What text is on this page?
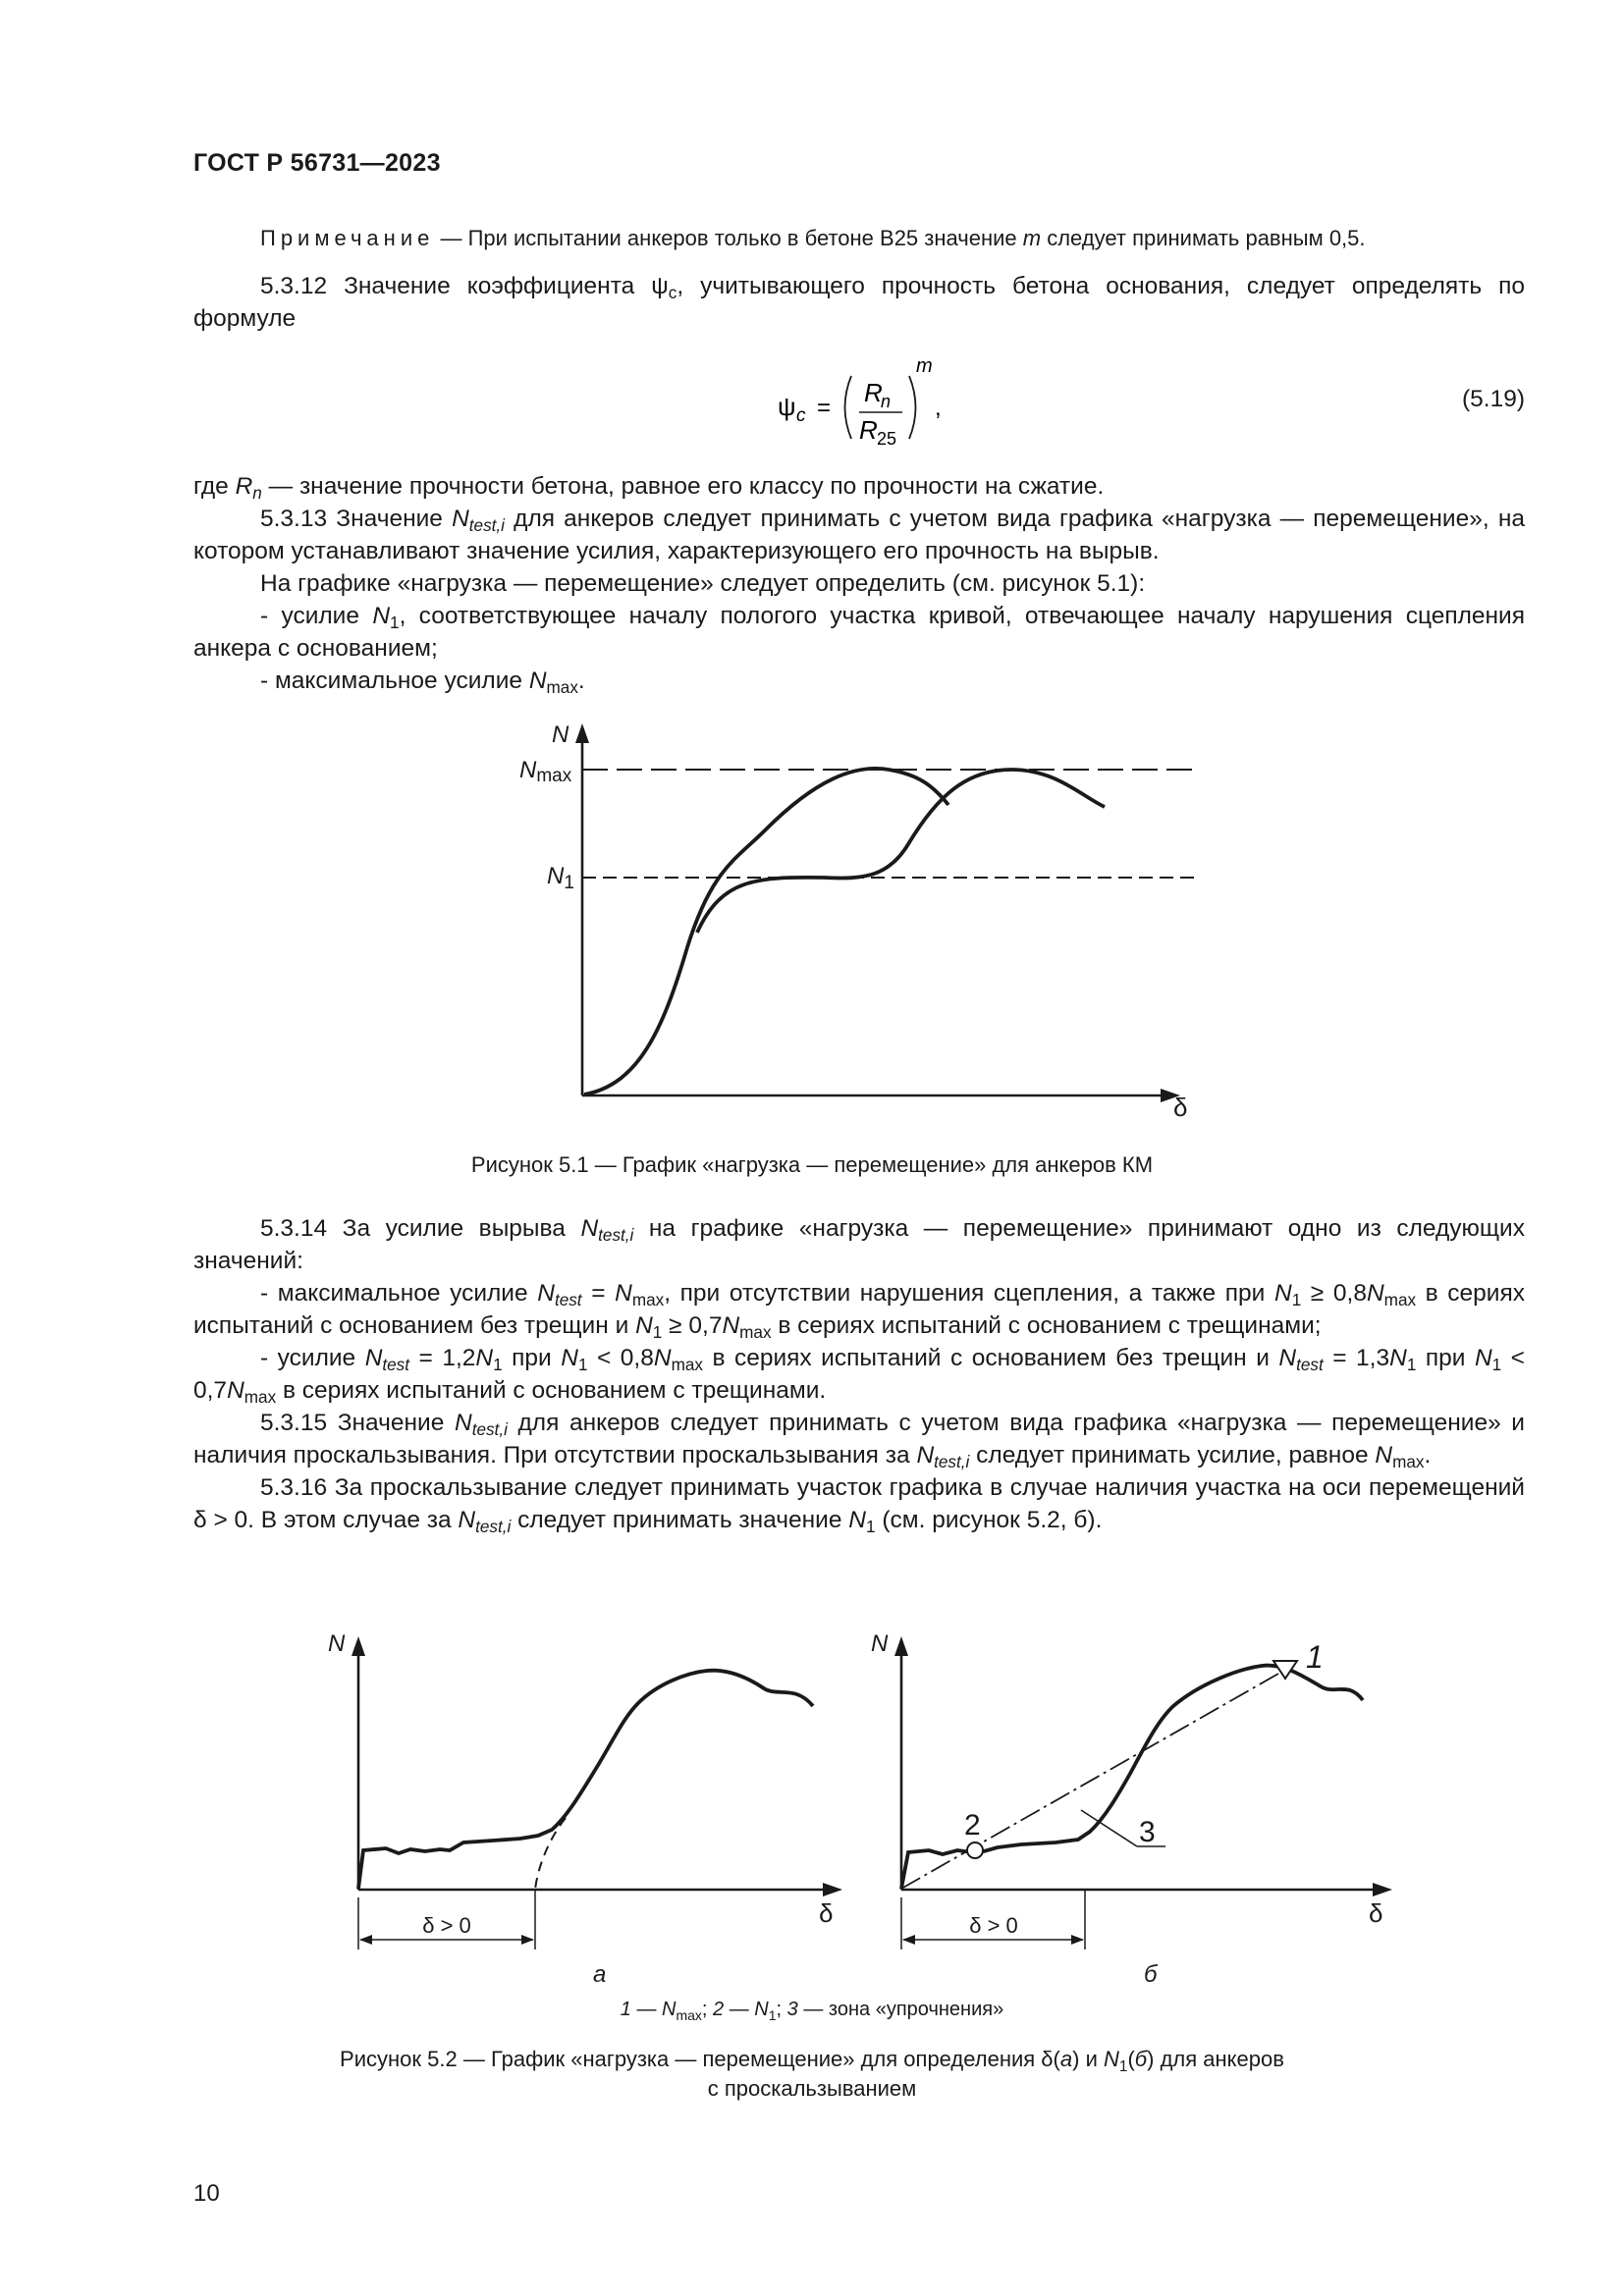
ГОСТ Р 56731—2023

Примечание — При испытании анкеров только в бетоне В25 значение m следует принимать равным 0,5.

5.3.12 Значение коэффициента $\psi_c$, учитывающего прочность бетона основания, следует определять по формуле

ψ c =
R
n
R 25
m
,	(5.19)

где $R_n$ — значение прочности бетона, равное его классу по прочности на сжатие.

5.3.13 Значение $N_{test,i}$ для анкеров следует принимать с учетом вида графика «нагрузка — перемещение», на котором устанавливают значение усилия, характеризующего его прочность на вырыв.

На графике «нагрузка — перемещение» следует определить (см. рисунок 5.1):

- усилие $N_1$, соответствующее началу пологого участка кривой, отвечающее началу нарушения сцепления анкера с основанием;

- максимальное усилие $N_{max}$.

N
δ
Nmax
$N_1$
Рисунок 5.1 — График «нагрузка — перемещение» для анкеров КМ

5.3.14 За усилие вырыва $N_{test,i}$ на графике «нагрузка — перемещение» принимают одно из следующих значений:

- максимальное усилие $N_{test} = N_{max}$, при отсутствии нарушения сцепления, а также при $N_1 \ge 0,8N_{max}$ в сериях испытаний с основанием без трещин и $N_1 \ge 0,7N_{max}$ в сериях испытаний с основанием с трещинами;

- усилие $N_{test} = 1,2N_1$ при $N_1 < 0,8N_{max}$ в сериях испытаний с основанием без трещин и $N_{test} = 1,3N_1$ при $N_1 < 0,7N_{max}$ в сериях испытаний с основанием с трещинами.

5.3.15 Значение $N_{test,i}$ для анкеров следует принимать с учетом вида графика «нагрузка — перемещение» и наличия проскальзывания. При отсутствии проскальзывания за $N_{test,i}$ следует принимать усилие, равное $N_{max}$.

5.3.16 За проскальзывание следует принимать участок графика в случае наличия участка на оси перемещений δ > 0. В этом случае за $N_{test,i}$ следует принимать значение $N_1$ (см. рисунок 5.2, б).

N
δ
δ > 0
а
N
δ
δ > 0
1
2	3
б
1 — $N_{max}$; 2 — $N_1$; 3 — зона «упрочнения»
Рисунок 5.2 — График «нагрузка — перемещение» для определения δ(а) и $N_1(б)$ для анкеров
с проскальзыванием
10
